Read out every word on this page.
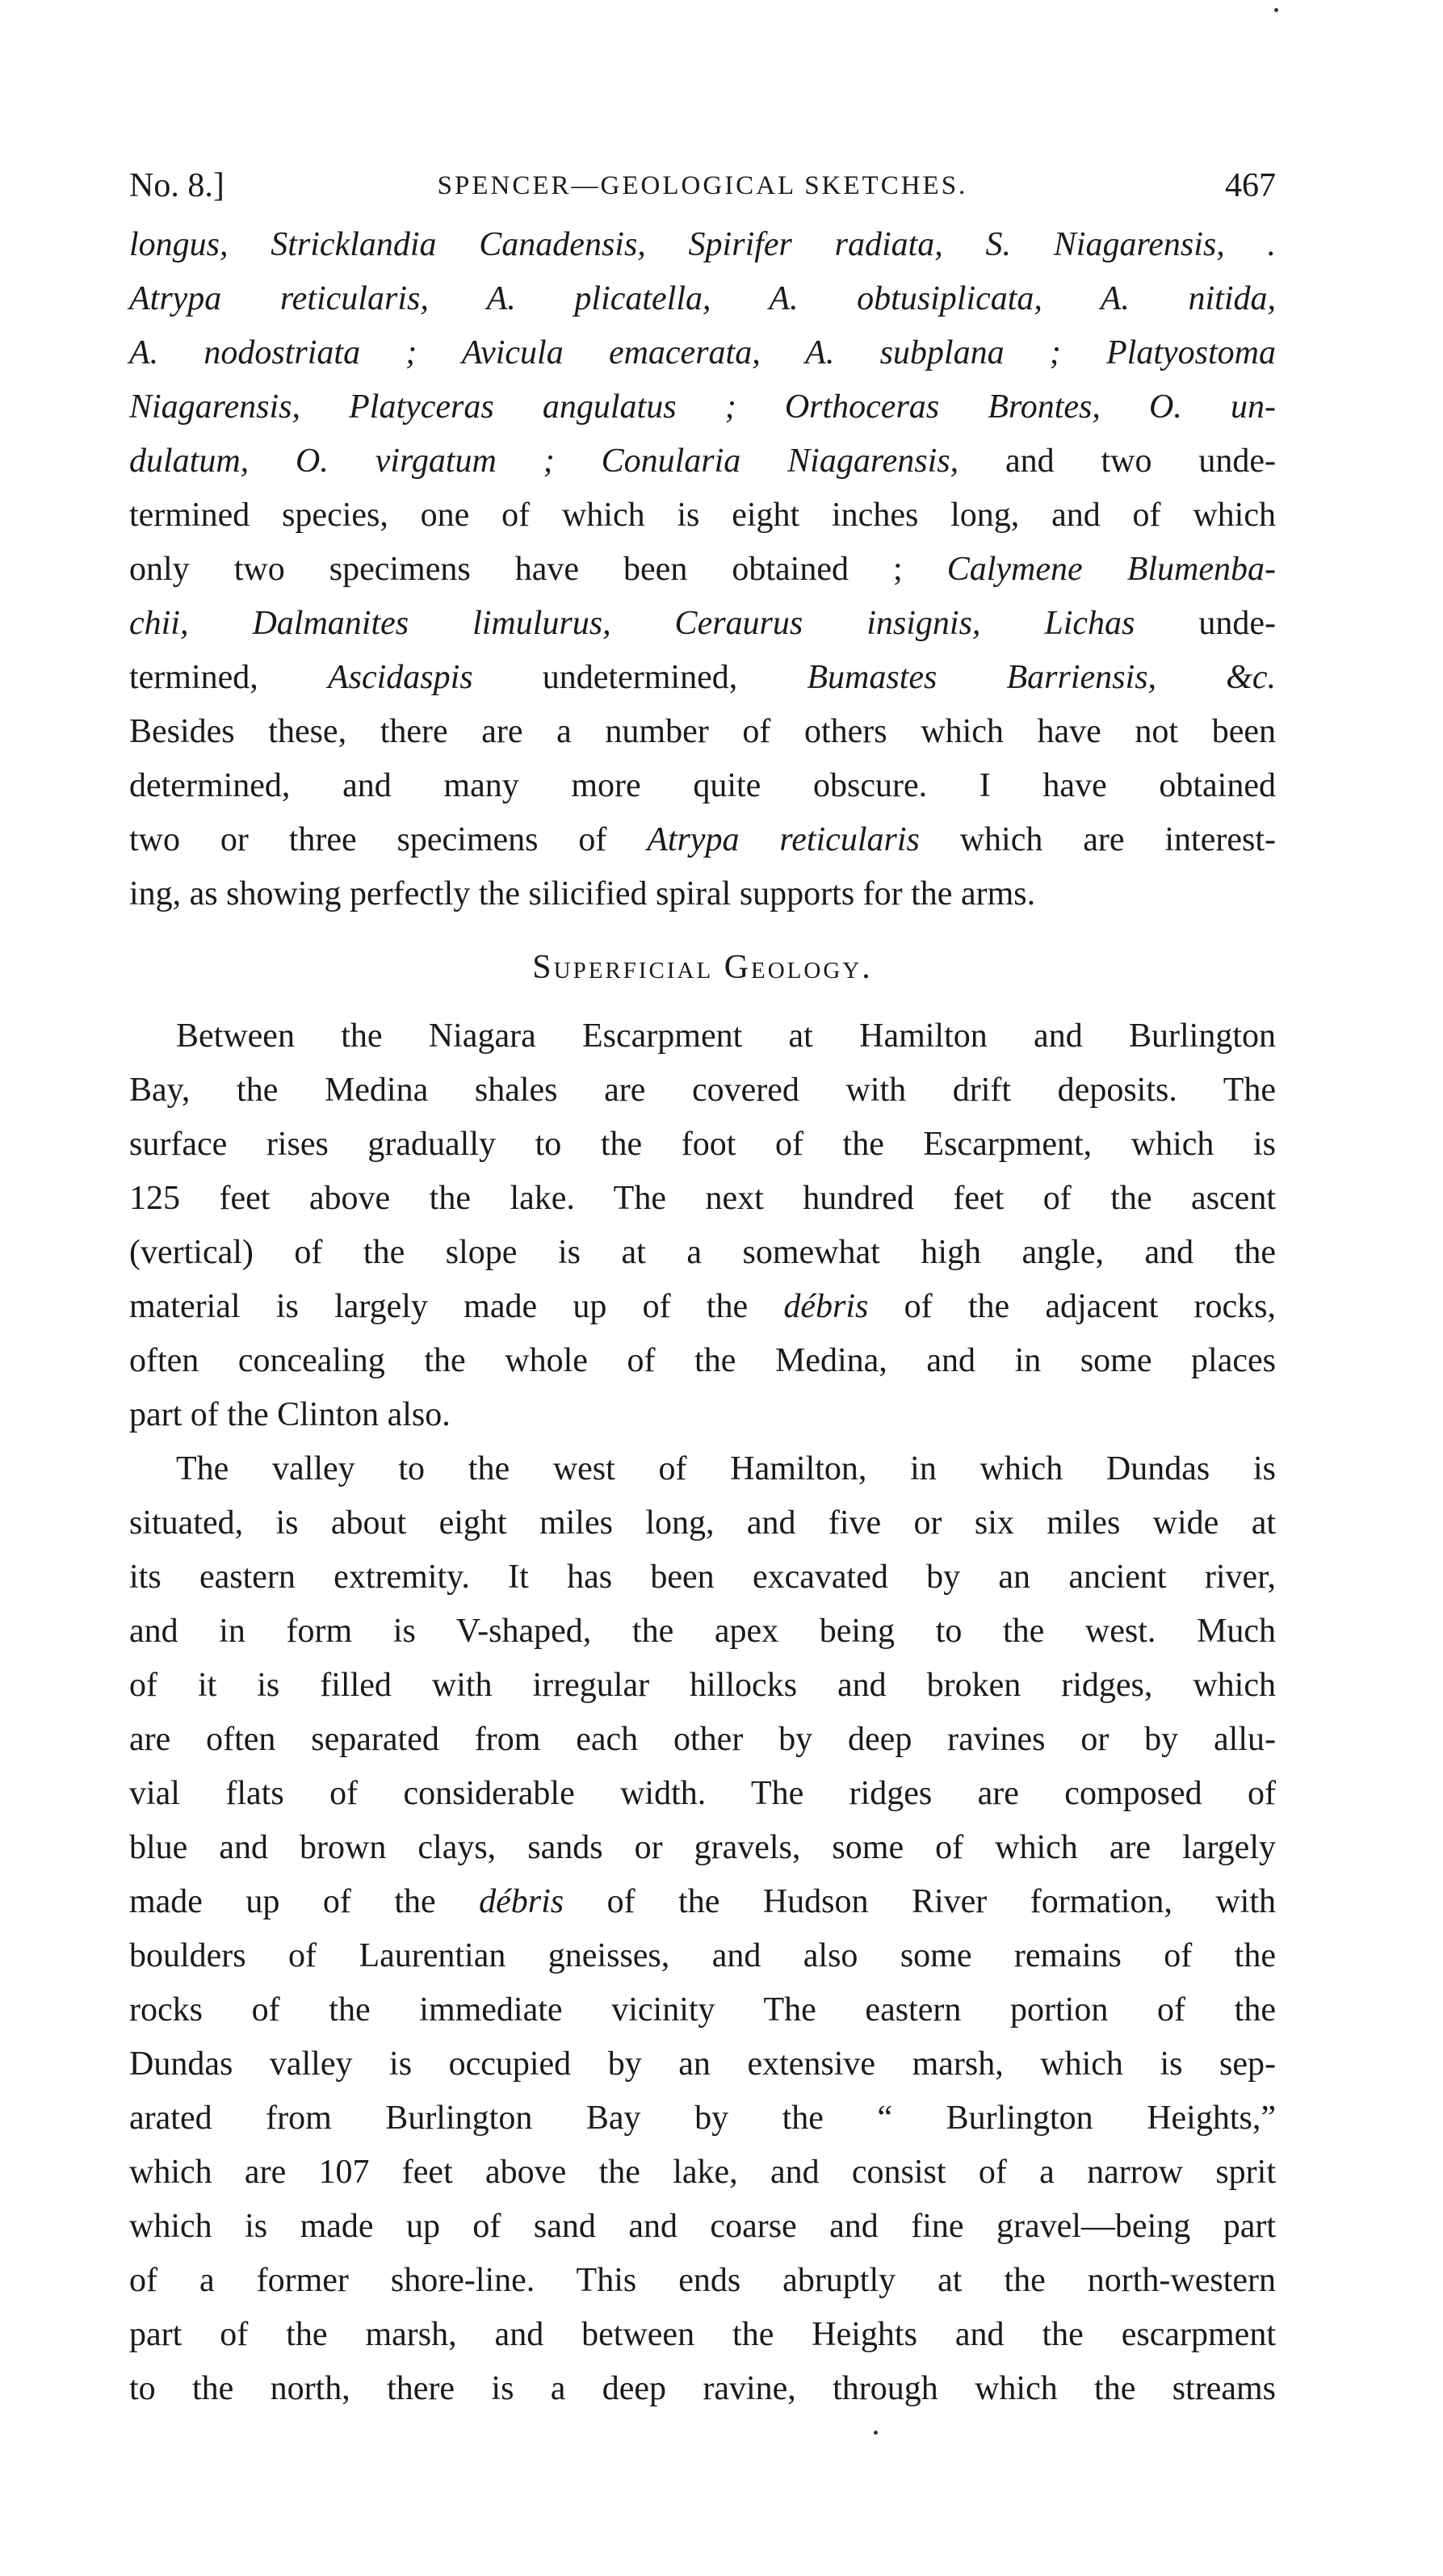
No. 8.]	SPENCER—GEOLOGICAL SKETCHES.	467
longus, Stricklandia Canadensis, Spirifer radiata, S. Niagarensis, .
Atrypa reticularis, A. plicatella, A. obtusiplicata, A. nitida,
A. nodostriata ; Avicula emacerata, A. subplana ; Platyostoma
Niagarensis, Platyceras angulatus ; Orthoceras Brontes, O. un-
dulatum, O. virgatum ; Conularia Niagarensis, and two unde-
termined species, one of which is eight inches long, and of which
only two specimens have been obtained ; Calymene Blumenba-
chii, Dalmanites limulurus, Ceraurus insignis, Lichas unde-
termined, Ascidaspis undetermined, Bumastes Barriensis, &c.
Besides these, there are a number of others which have not been
determined, and many more quite obscure. I have obtained
two or three specimens of Atrypa reticularis which are interest-
ing, as showing perfectly the silicified spiral supports for the arms.
Superficial Geology.
Between the Niagara Escarpment at Hamilton and Burlington
Bay, the Medina shales are covered with drift deposits. The
surface rises gradually to the foot of the Escarpment, which is
125 feet above the lake. The next hundred feet of the ascent
(vertical) of the slope is at a somewhat high angle, and the
material is largely made up of the débris of the adjacent rocks,
often concealing the whole of the Medina, and in some places
part of the Clinton also.
The valley to the west of Hamilton, in which Dundas is
situated, is about eight miles long, and five or six miles wide at
its eastern extremity. It has been excavated by an ancient river,
and in form is V-shaped, the apex being to the west. Much
of it is filled with irregular hillocks and broken ridges, which
are often separated from each other by deep ravines or by allu-
vial flats of considerable width. The ridges are composed of
blue and brown clays, sands or gravels, some of which are largely
made up of the débris of the Hudson River formation, with
boulders of Laurentian gneisses, and also some remains of the
rocks of the immediate vicinity The eastern portion of the
Dundas valley is occupied by an extensive marsh, which is sep-
arated from Burlington Bay by the “ Burlington Heights,”
which are 107 feet above the lake, and consist of a narrow sprit
which is made up of sand and coarse and fine gravel—being part
of a former shore-line. This ends abruptly at the north-western
part of the marsh, and between the Heights and the escarpment
to the north, there is a deep ravine, through which the streams
